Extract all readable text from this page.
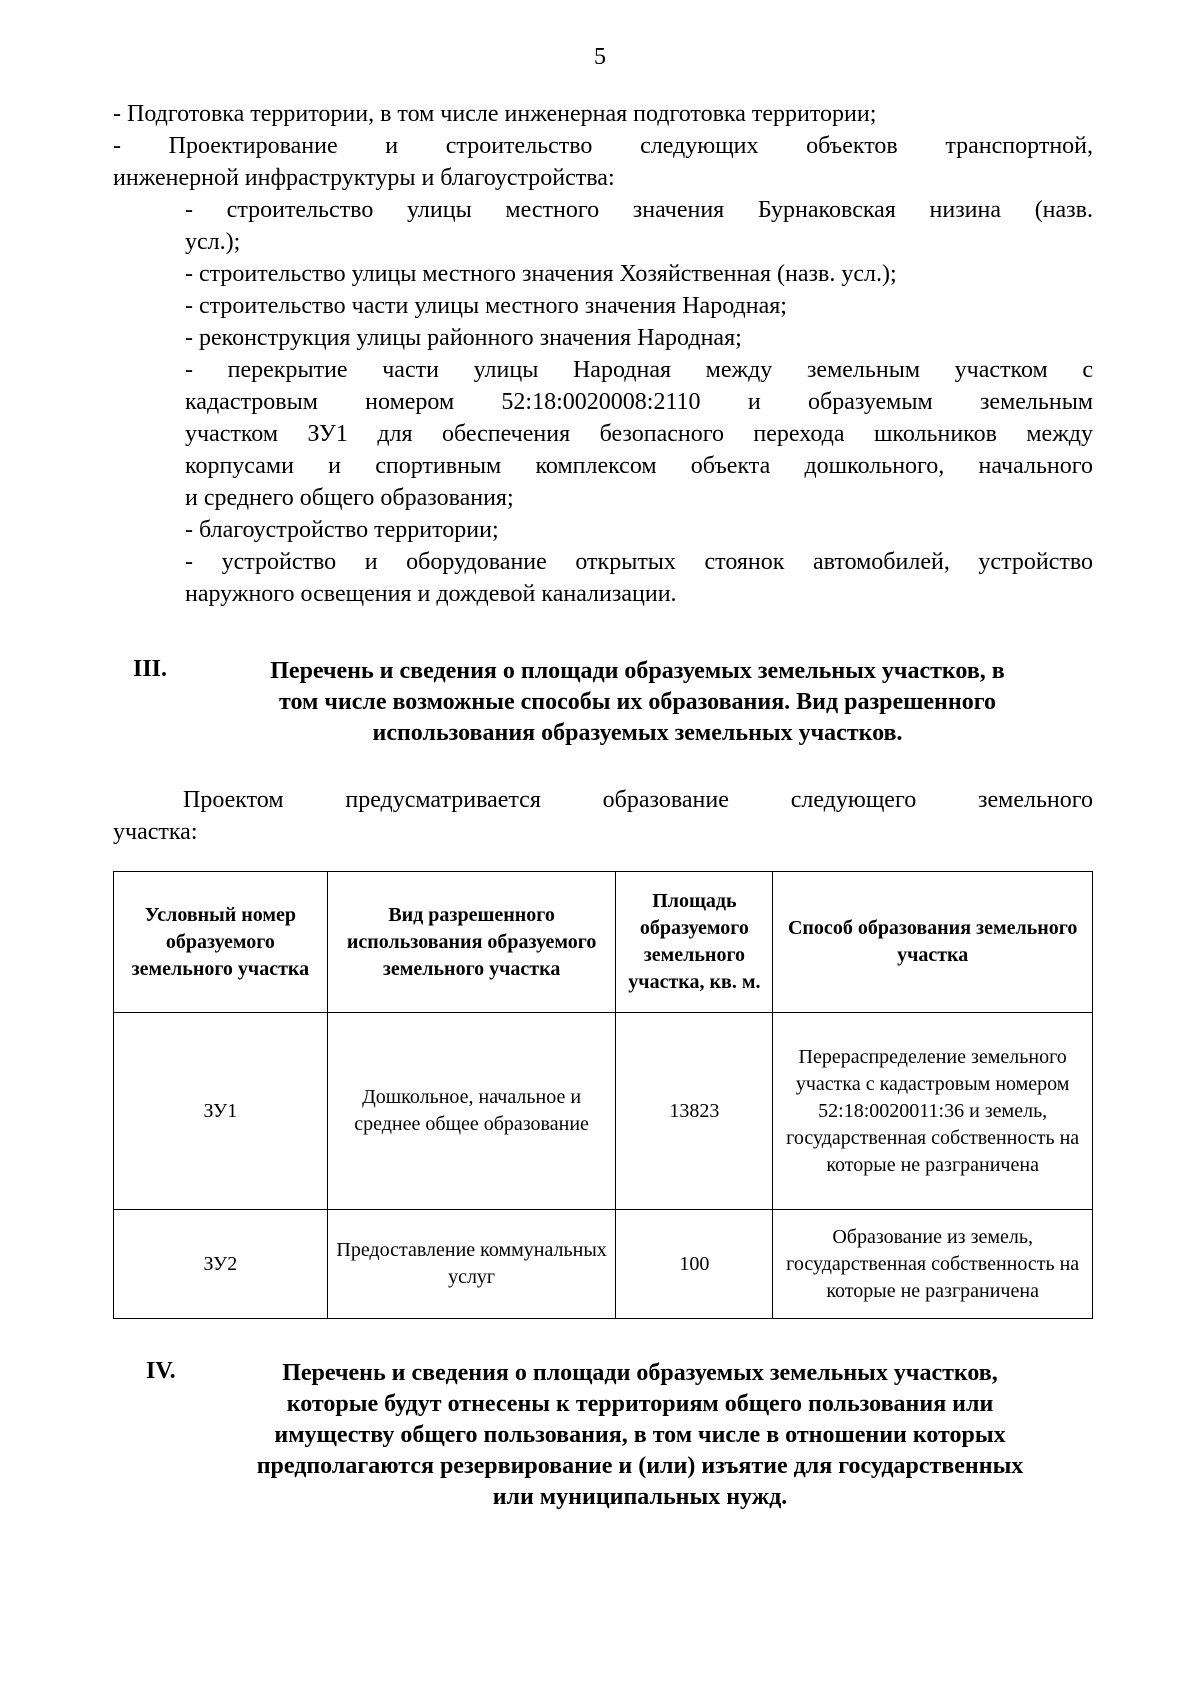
5
- Подготовка территории, в том числе инженерная подготовка территории;
- Проектирование и строительство следующих объектов транспортной,
инженерной инфраструктуры и благоустройства:
- строительство улицы местного значения Бурнаковская низина (назв.
усл.);
- строительство улицы местного значения Хозяйственная (назв. усл.);
- строительство части улицы местного значения Народная;
- реконструкция улицы районного значения Народная;
- перекрытие части улицы Народная между земельным участком с
кадастровым номером 52:18:0020008:2110 и образуемым земельным
участком ЗУ1 для обеспечения безопасного перехода школьников между
корпусами и спортивным комплексом объекта дошкольного, начального
и среднего общего образования;
- благоустройство территории;
- устройство и оборудование открытых стоянок автомобилей, устройство
наружного освещения и дождевой канализации.
III.	Перечень и сведения о площади образуемых земельных участков, в
том числе возможные способы их образования. Вид разрешенного
использования образуемых земельных участков.
Проектом предусматривается образование следующего земельного
участка:
Условный номер образуемого земельного участка	Вид разрешенного использования образуемого земельного участка	Площадь образуемого земельного участка, кв. м.	Способ образования земельного участка
ЗУ1	Дошкольное, начальное и среднее общее образование	13823	Перераспределение земельного участка с кадастровым номером 52:18:0020011:36 и земель, государственная собственность на которые не разграничена
ЗУ2	Предоставление коммунальных услуг	100	Образование из земель, государственная собственность на которые не разграничена
IV.	Перечень и сведения о площади образуемых земельных участков,
которые будут отнесены к территориям общего пользования или
имуществу общего пользования, в том числе в отношении которых
предполагаются резервирование и (или) изъятие для государственных
или муниципальных нужд.
